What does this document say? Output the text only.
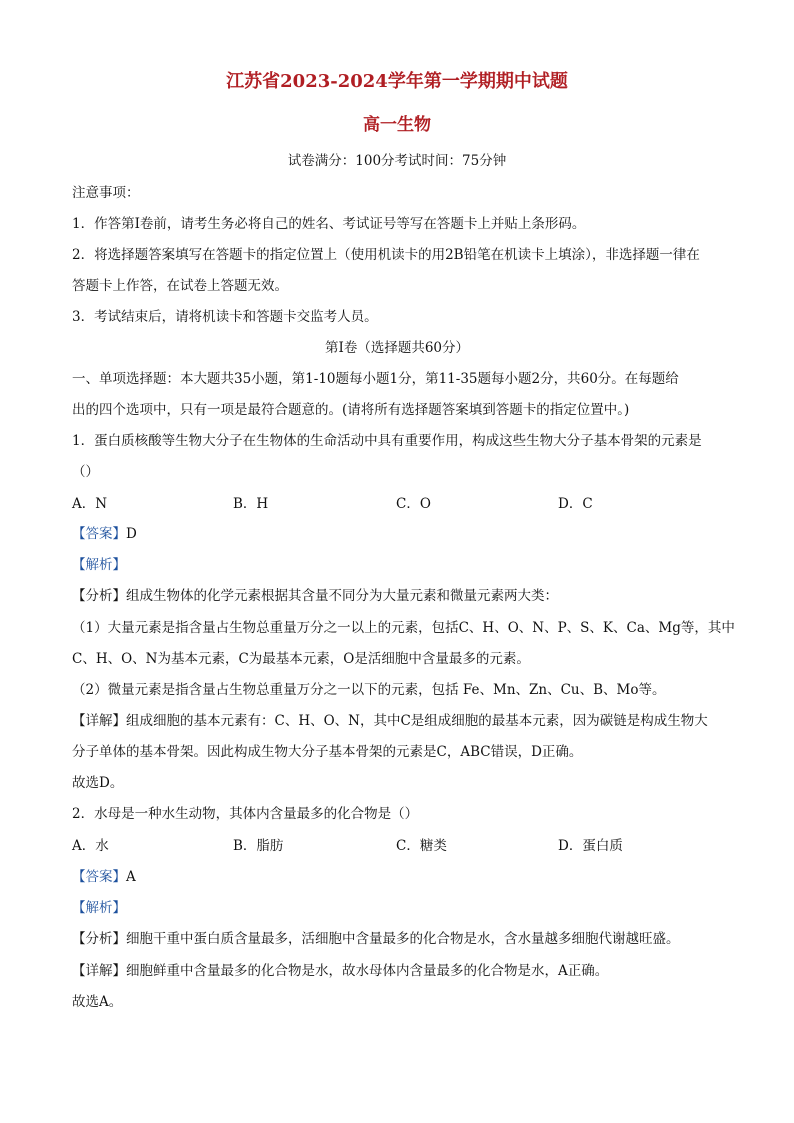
江苏省2023-2024学年第一学期期中试题
高一生物
试卷满分：100分考试时间：75分钟
注意事项：
1．作答第Ⅰ卷前，请考生务必将自己的姓名、考试证号等写在答题卡上并贴上条形码。
2．将选择题答案填写在答题卡的指定位置上（使用机读卡的用2B铅笔在机读卡上填涂），非选择题一律在
答题卡上作答，在试卷上答题无效。
3．考试结束后，请将机读卡和答题卡交监考人员。
第Ⅰ卷（选择题共60分）
一、单项选择题：本大题共35小题，第1-10题每小题1分，第11-35题每小题2分，共60分。在每题给
出的四个选项中，只有一项是最符合题意的。(请将所有选择题答案填到答题卡的指定位置中。)
1．蛋白质核酸等生物大分子在生物体的生命活动中具有重要作用，构成这些生物大分子基本骨架的元素是
（）
A．N	B．H	C．O	D．C
【答案】D
【解析】
【分析】组成生物体的化学元素根据其含量不同分为大量元素和微量元素两大类：
（1）大量元素是指含量占生物总重量万分之一以上的元素，包括C、H、O、N、P、S、K、Ca、Mg等，其中
C、H、O、N为基本元素，C为最基本元素，O是活细胞中含量最多的元素。
（2）微量元素是指含量占生物总重量万分之一以下的元素，包括 Fe、Mn、Zn、Cu、B、Mo等。
【详解】组成细胞的基本元素有：C、H、O、N，其中C是组成细胞的最基本元素，因为碳链是构成生物大
分子单体的基本骨架。因此构成生物大分子基本骨架的元素是C，ABC错误，D正确。
故选D。
2．水母是一种水生动物，其体内含量最多的化合物是（）
A．水	B．脂肪	C．糖类	D．蛋白质
【答案】A
【解析】
【分析】细胞干重中蛋白质含量最多，活细胞中含量最多的化合物是水，含水量越多细胞代谢越旺盛。
【详解】细胞鲜重中含量最多的化合物是水，故水母体内含量最多的化合物是水，A正确。
故选A。
